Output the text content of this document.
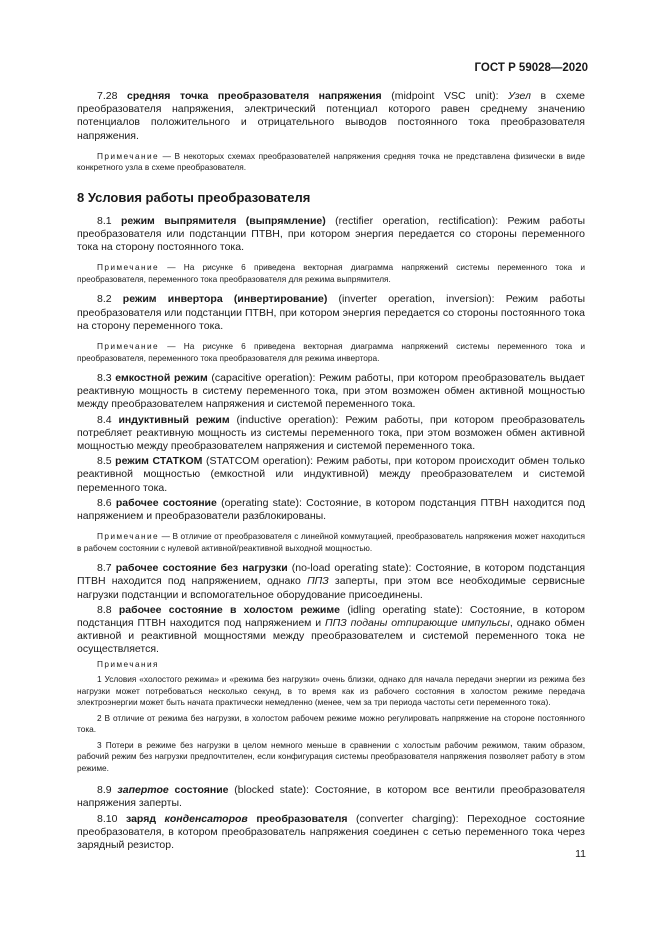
ГОСТ Р 59028—2020

7.28 средняя точка преобразователя напряжения (midpoint VSC unit): Узел в схеме преобразователя напряжения, электрический потенциал которого равен среднему значению потенциалов положительного и отрицательного выводов постоянного тока преобразователя напряжения.

Примечание — В некоторых схемах преобразователей напряжения средняя точка не представлена физически в виде конкретного узла в схеме преобразователя.

8 Условия работы преобразователя

8.1 режим выпрямителя (выпрямление) (rectifier operation, rectification): Режим работы преобразователя или подстанции ПТВН, при котором энергия передается со стороны переменного тока на сторону постоянного тока.

Примечание — На рисунке 6 приведена векторная диаграмма напряжений системы переменного тока и преобразователя, переменного тока преобразователя для режима выпрямителя.

8.2 режим инвертора (инвертирование) (inverter operation, inversion): Режим работы преобразователя или подстанции ПТВН, при котором энергия передается со стороны постоянного тока на сторону переменного тока.

Примечание — На рисунке 6 приведена векторная диаграмма напряжений системы переменного тока и преобразователя, переменного тока преобразователя для режима инвертора.

8.3 емкостной режим (capacitive operation): Режим работы, при котором преобразователь выдает реактивную мощность в систему переменного тока, при этом возможен обмен активной мощностью между преобразователем напряжения и системой переменного тока.

8.4 индуктивный режим (inductive operation): Режим работы, при котором преобразователь потребляет реактивную мощность из системы переменного тока, при этом возможен обмен активной мощностью между преобразователем напряжения и системой переменного тока.

8.5 режим СТАТКОМ (STATCOM operation): Режим работы, при котором происходит обмен только реактивной мощностью (емкостной или индуктивной) между преобразователем и системой переменного тока.

8.6 рабочее состояние (operating state): Состояние, в котором подстанция ПТВН находится под напряжением и преобразователи разблокированы.

Примечание — В отличие от преобразователя с линейной коммутацией, преобразователь напряжения может находиться в рабочем состоянии с нулевой активной/реактивной выходной мощностью.

8.7 рабочее состояние без нагрузки (no-load operating state): Состояние, в котором подстанция ПТВН находится под напряжением, однако ППЗ заперты, при этом все необходимые сервисные нагрузки подстанции и вспомогательное оборудование присоединены.

8.8 рабочее состояние в холостом режиме (idling operating state): Состояние, в котором подстанция ПТВН находится под напряжением и ППЗ поданы отпирающие импульсы, однако обмен активной и реактивной мощностями между преобразователем и системой переменного тока не осуществляется.

Примечания

1 Условия «холостого режима» и «режима без нагрузки» очень близки, однако для начала передачи энергии из режима без нагрузки может потребоваться несколько секунд, в то время как из рабочего состояния в холостом режиме передача электроэнергии может быть начата практически немедленно (менее, чем за три периода частоты сети переменного тока).

2 В отличие от режима без нагрузки, в холостом рабочем режиме можно регулировать напряжение на стороне постоянного тока.

3 Потери в режиме без нагрузки в целом немного меньше в сравнении с холостым рабочим режимом, таким образом, рабочий режим без нагрузки предпочтителен, если конфигурация системы преобразователя напряжения позволяет работу в этом режиме.

8.9 запертое состояние (blocked state): Состояние, в котором все вентили преобразователя напряжения заперты.

8.10 заряд конденсаторов преобразователя (converter charging): Переходное состояние преобразователя, в котором преобразователь напряжения соединен с сетью переменного тока через зарядный резистор.

11
